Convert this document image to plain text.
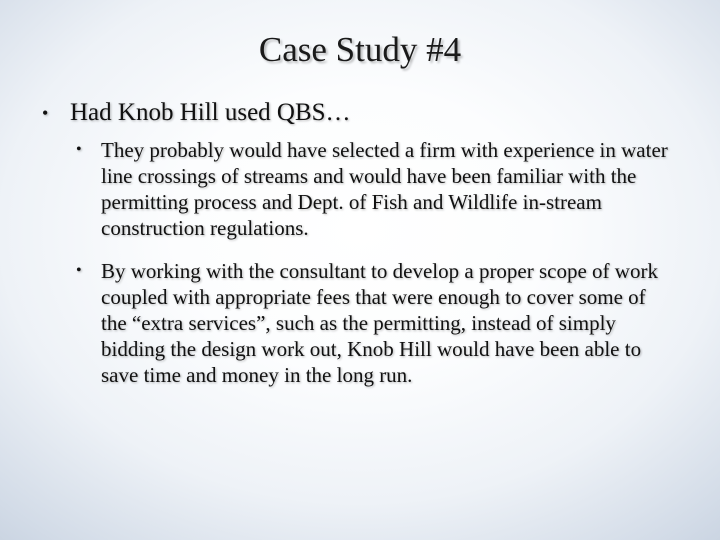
Case Study #4
• Had Knob Hill used QBS…
• They probably would have selected a firm with experience in water line crossings of streams and would have been familiar with the permitting process and Dept. of Fish and Wildlife in-stream construction regulations.
• By working with the consultant to develop a proper scope of work coupled with appropriate fees that were enough to cover some of the “extra services”, such as the permitting, instead of simply bidding the design work out, Knob Hill would have been able to save time and money in the long run.
